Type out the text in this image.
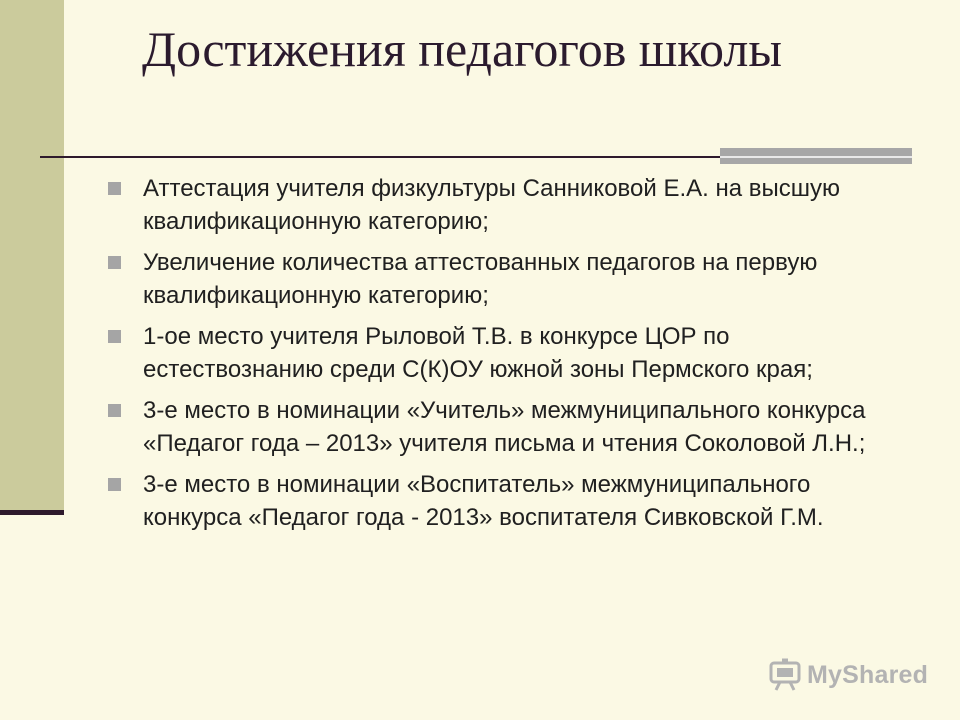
Достижения педагогов школы
Аттестация учителя физкультуры Санниковой Е.А. на высшую квалификационную категорию;
Увеличение количества аттестованных педагогов на первую квалификационную категорию;
1-ое место учителя Рыловой Т.В. в конкурсе ЦОР по естествознанию среди С(К)ОУ южной зоны Пермского края;
3-е место в номинации «Учитель» межмуниципального конкурса «Педагог года – 2013» учителя письма и чтения Соколовой Л.Н.;
3-е место в номинации «Воспитатель» межмуниципального конкурса «Педагог года - 2013» воспитателя Сивковской Г.М.
MyShared
